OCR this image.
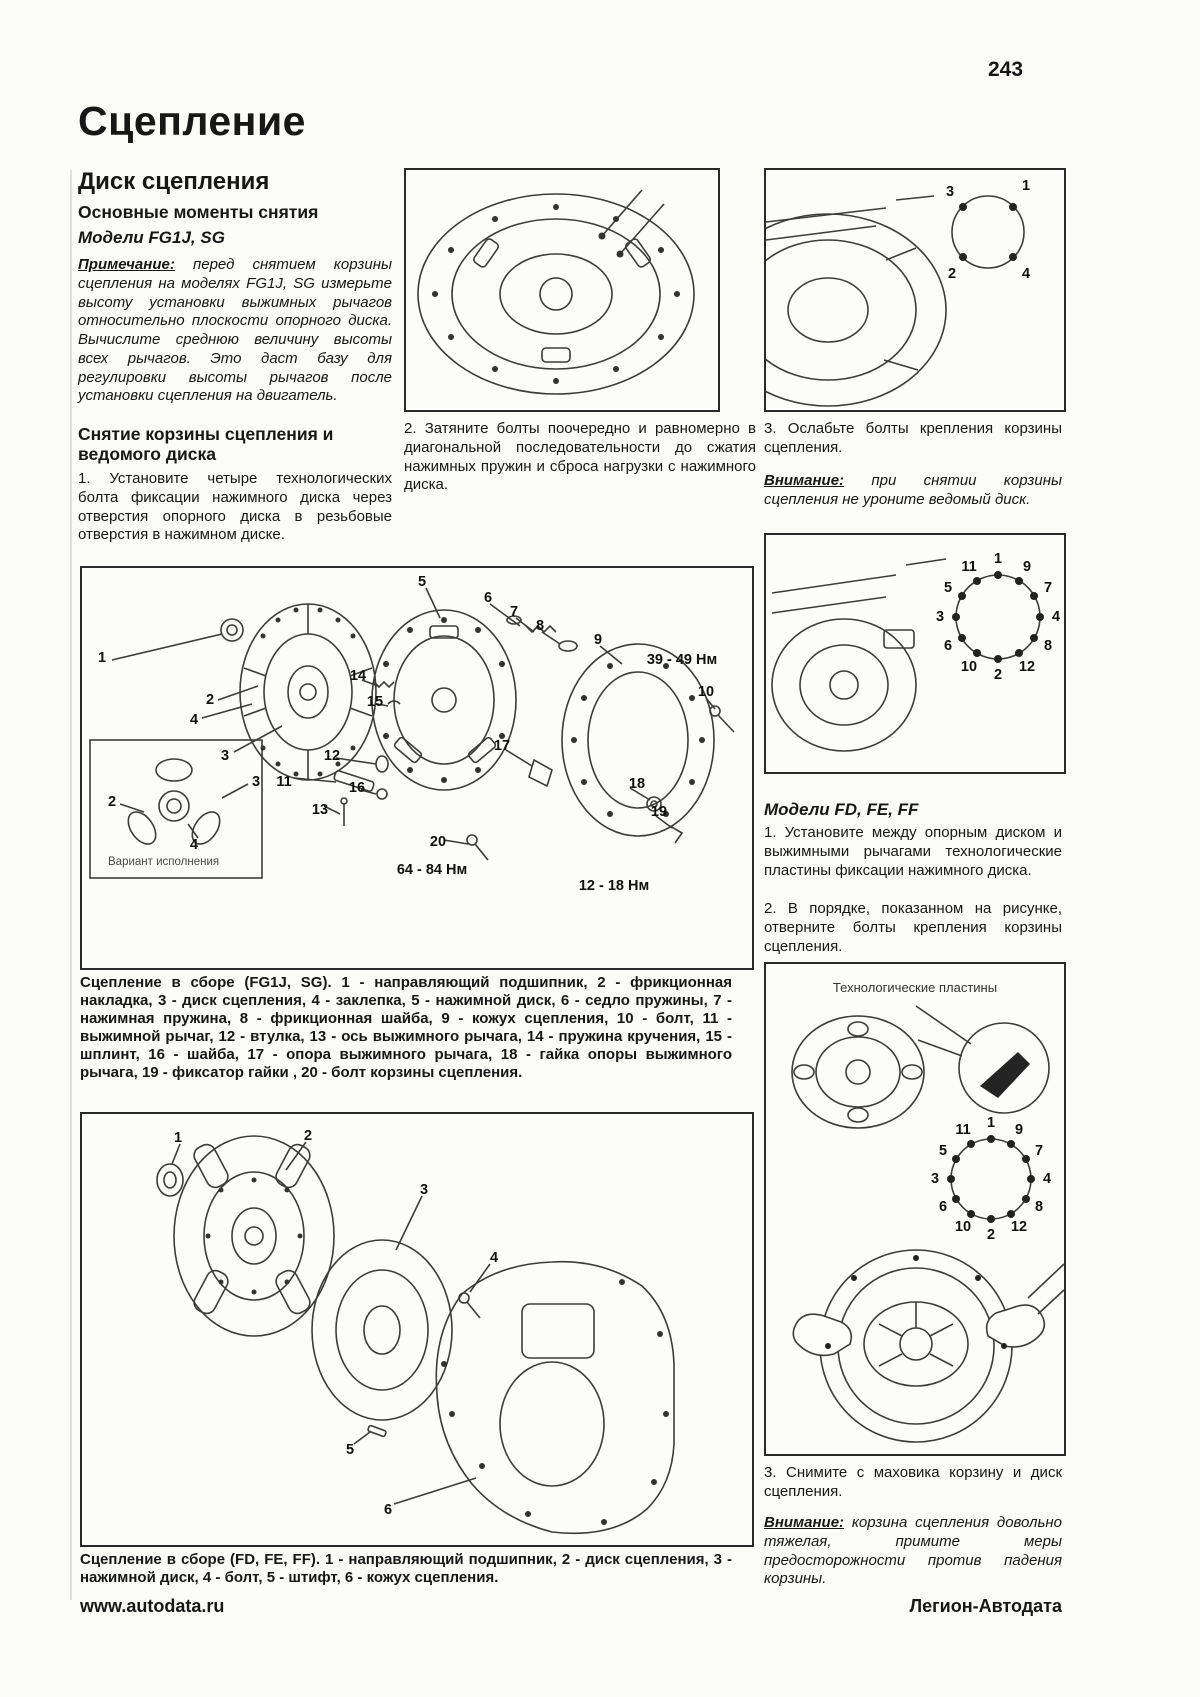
243
Сцепление
Диск сцепления
Основные моменты снятия
Модели FG1J, SG

Примечание: перед снятием корзины сцепления на моделях FG1J, SG измерьте высоту установки выжимных рычагов относительно плоскости опорного диска. Вычислите среднюю величину высоты всех рычагов. Это даст базу для регулировки высоты рычагов после установки сцепления на двигатель.

Снятие корзины сцепления и ведомого диска

1. Установите четыре технологических болта фиксации нажимного диска через отверстия опорного диска в резьбовые отверстия в нажимном диске.

2. Затяните болты поочередно и равномерно в диагональной последовательности до сжатия нажимных пружин и сброса нагрузки с нажимного диска.

3	1
2	4

3. Ослабьте болты крепления корзины сцепления.

Внимание: при снятии корзины сцепления не уроните ведомый диск.

1 9
7
4
8
12
2
10
6
3
5
11
Модели FD, FE, FF

1. Установите между опорным диском и выжимными рычагами технологические пластины фиксации нажимного диска.

2. В порядке, показанном на рисунке, отверните болты крепления корзины сцепления.

Технологические пластины
1 9
7
4
8
12
2
10
6
3
5
11

3. Снимите с маховика корзину и диск сцепления.

Внимание: корзина сцепления довольно тяжелая, примите меры предосторожности против падения корзины.

1
2
3
4
5
6
7
8
9
10
11
12
13
14
15
16
17
18
19
20
2
3
4
39 - 49 Нм
64 - 84 Нм
12 - 18 Нм
Вариант исполнения

Сцепление в сборе (FG1J, SG). 1 - направляющий подшипник, 2 - фрикционная накладка, 3 - диск сцепления, 4 - заклепка, 5 - нажимной диск, 6 - седло пружины, 7 - нажимная пружина, 8 - фрикционная шайба, 9 - кожух сцепления, 10 - болт, 11 - выжимной рычаг, 12 - втулка, 13 - ось выжимного рычага, 14 - пружина кручения, 15 - шплинт, 16 - шайба, 17 - опора выжимного рычага, 18 - гайка опоры выжимного рычага, 19 - фиксатор гайки , 20 - болт корзины сцепления.

1	2
3
4
5
6

Сцепление в сборе (FD, FE, FF). 1 - направляющий подшипник, 2 - диск сцепления, 3 - нажимной диск, 4 - болт, 5 - штифт, 6 - кожух сцепления.

www.autodata.ru	Легион-Автодата
